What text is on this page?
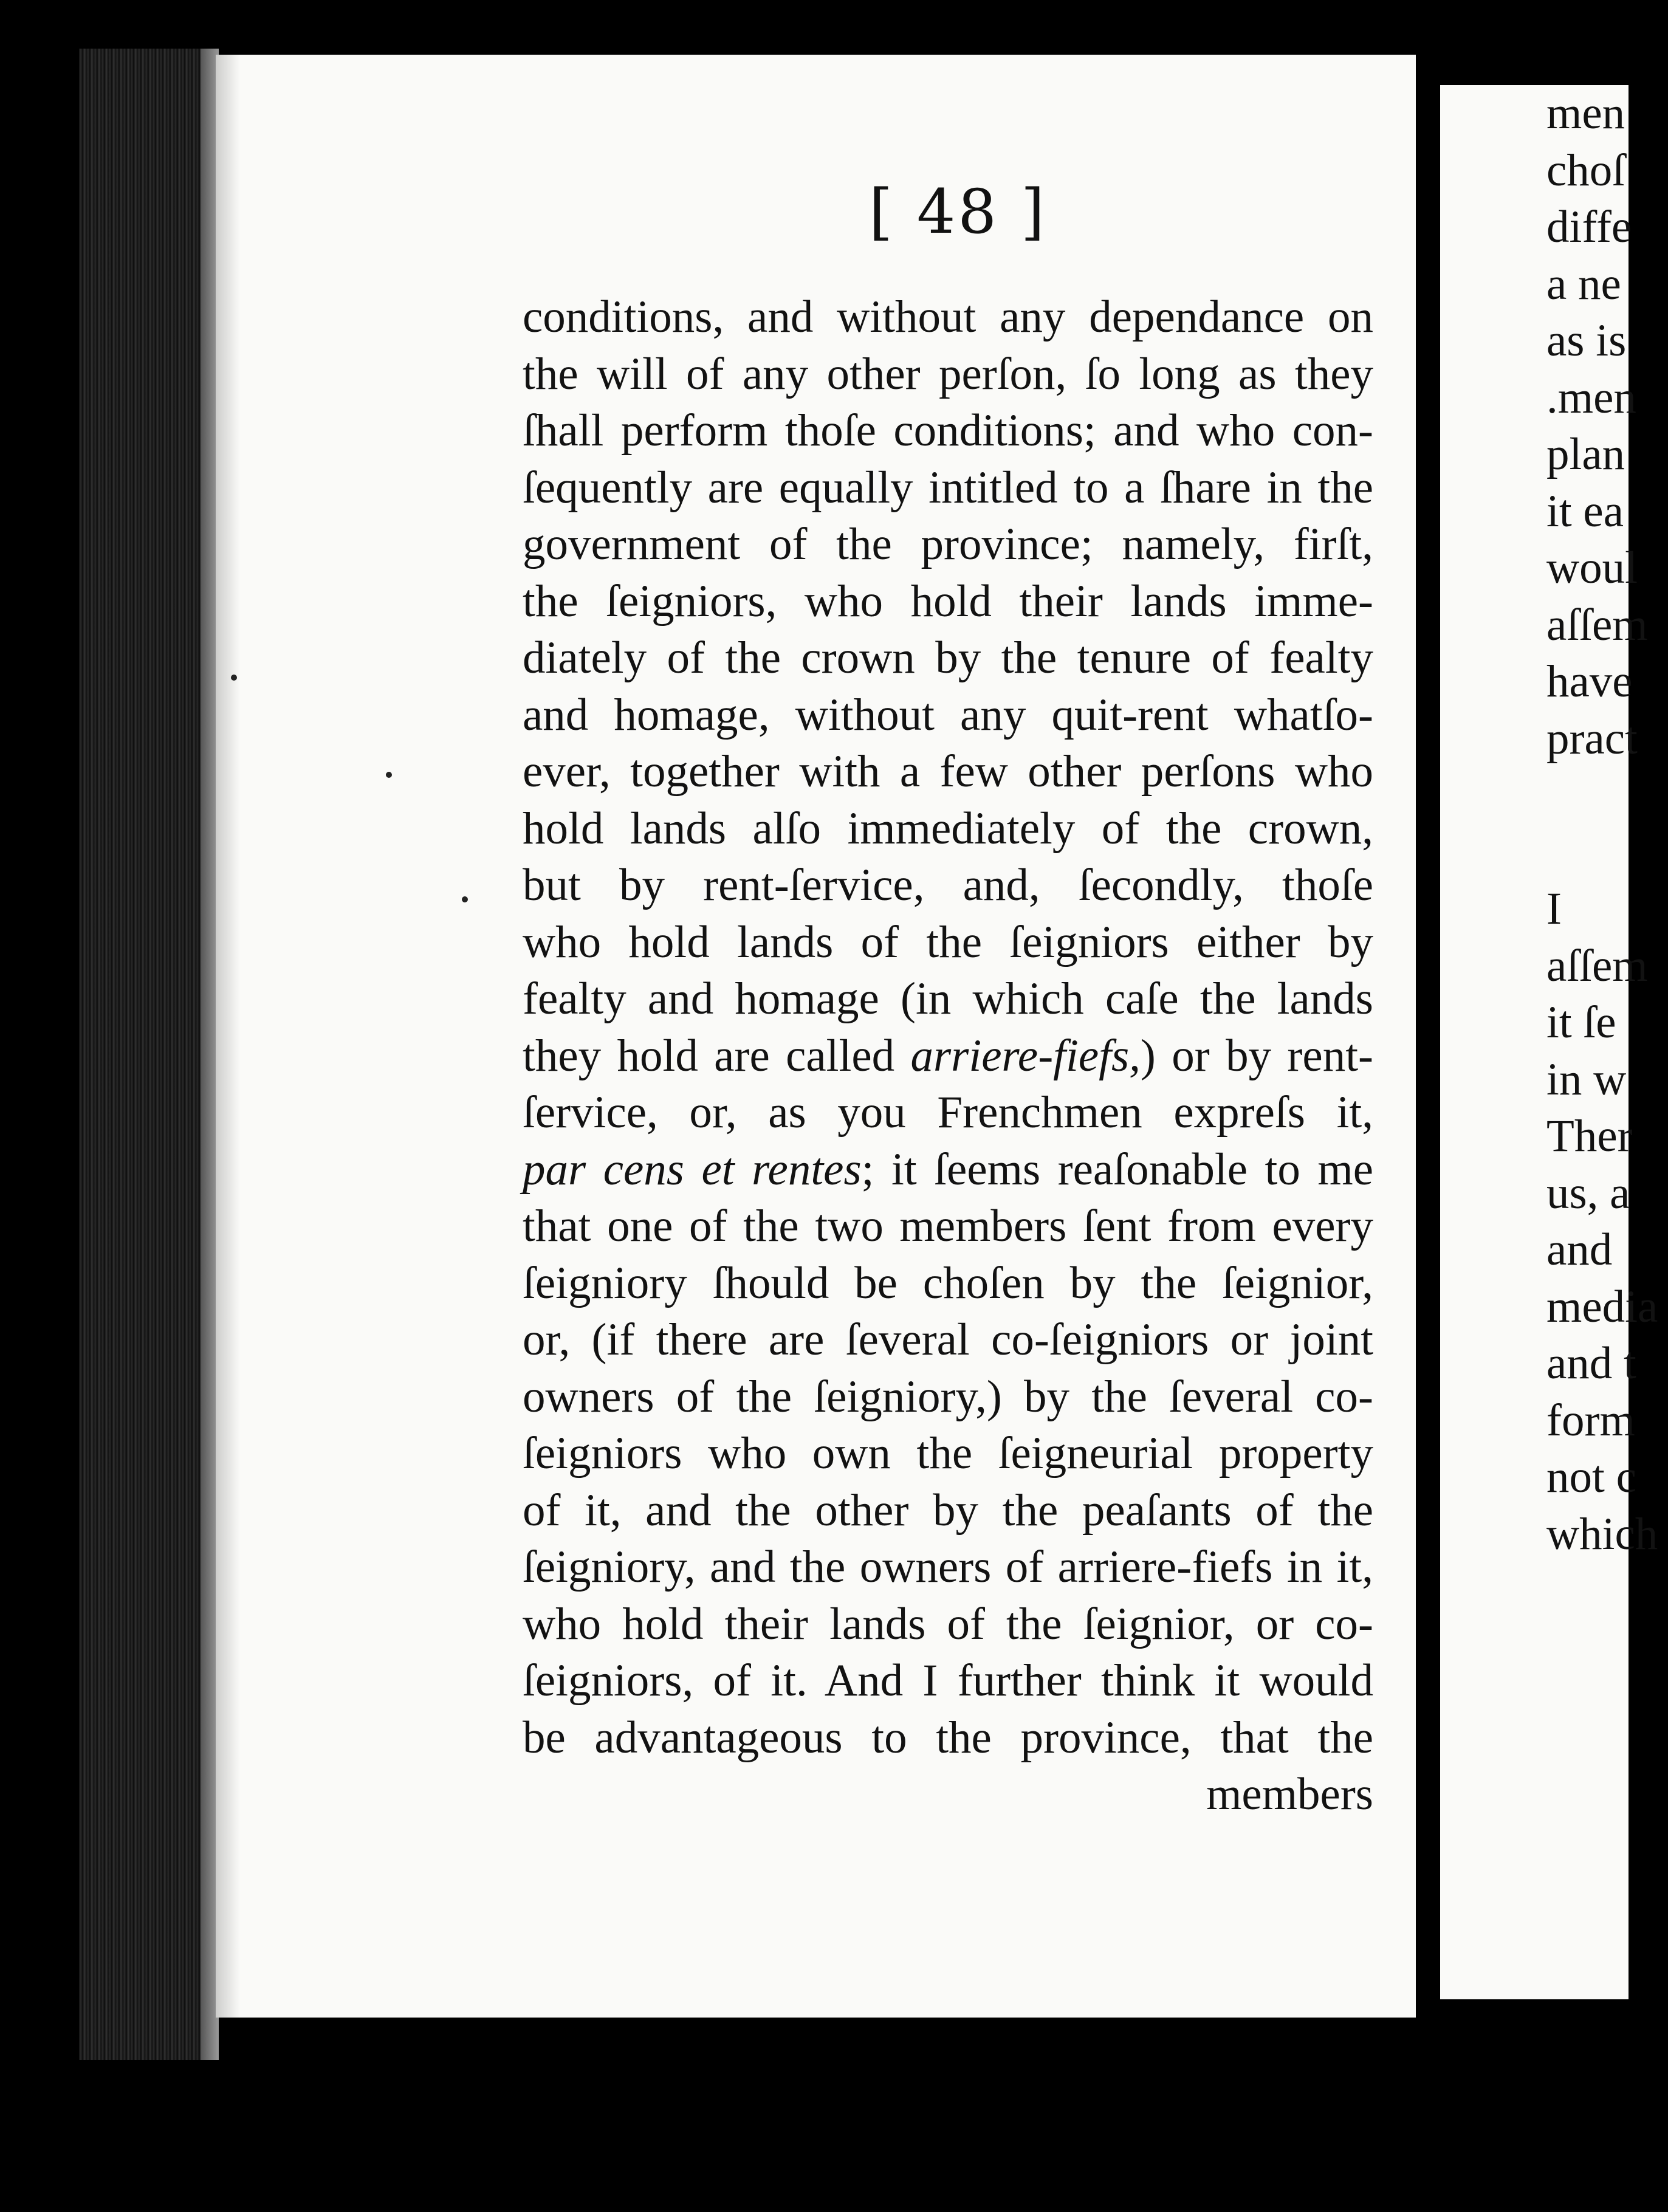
[ 48 ]
conditions, and without any dependance on
the will of any other perſon, ſo long as they
ſhall perform thoſe conditions; and who con-
ſequently are equally intitled to a ſhare in the
government of the province; namely, firſt,
the ſeigniors, who hold their lands imme-
diately of the crown by the tenure of fealty
and homage, without any quit-rent whatſo-
ever, together with a few other perſons who
hold lands alſo immediately of the crown,
but by rent-ſervice, and, ſecondly, thoſe
who hold lands of the ſeigniors either by
fealty and homage (in which caſe the lands
they hold are called arriere-fiefs,) or by rent-
ſervice, or, as you Frenchmen expreſs it,
par cens et rentes; it ſeems reaſonable to me
that one of the two members ſent from every
ſeigniory ſhould be choſen by the ſeignior,
or, (if there are ſeveral co-ſeigniors or joint
owners of the ſeigniory,) by the ſeveral co-
ſeigniors who own the ſeigneurial property
of it, and the other by the peaſants of the
ſeigniory, and the owners of arriere-fiefs in it,
who hold their lands of the ſeignior, or co-
ſeigniors, of it. And I further think it would
be advantageous to the province, that the
members
men
choſ
diffe
a ne
as is
.men
plan
it ea
woul
aſſem
have
pract
I
aſſem
it ſe
in w
Ther
us, a
and
media
and t
form
not c
which
